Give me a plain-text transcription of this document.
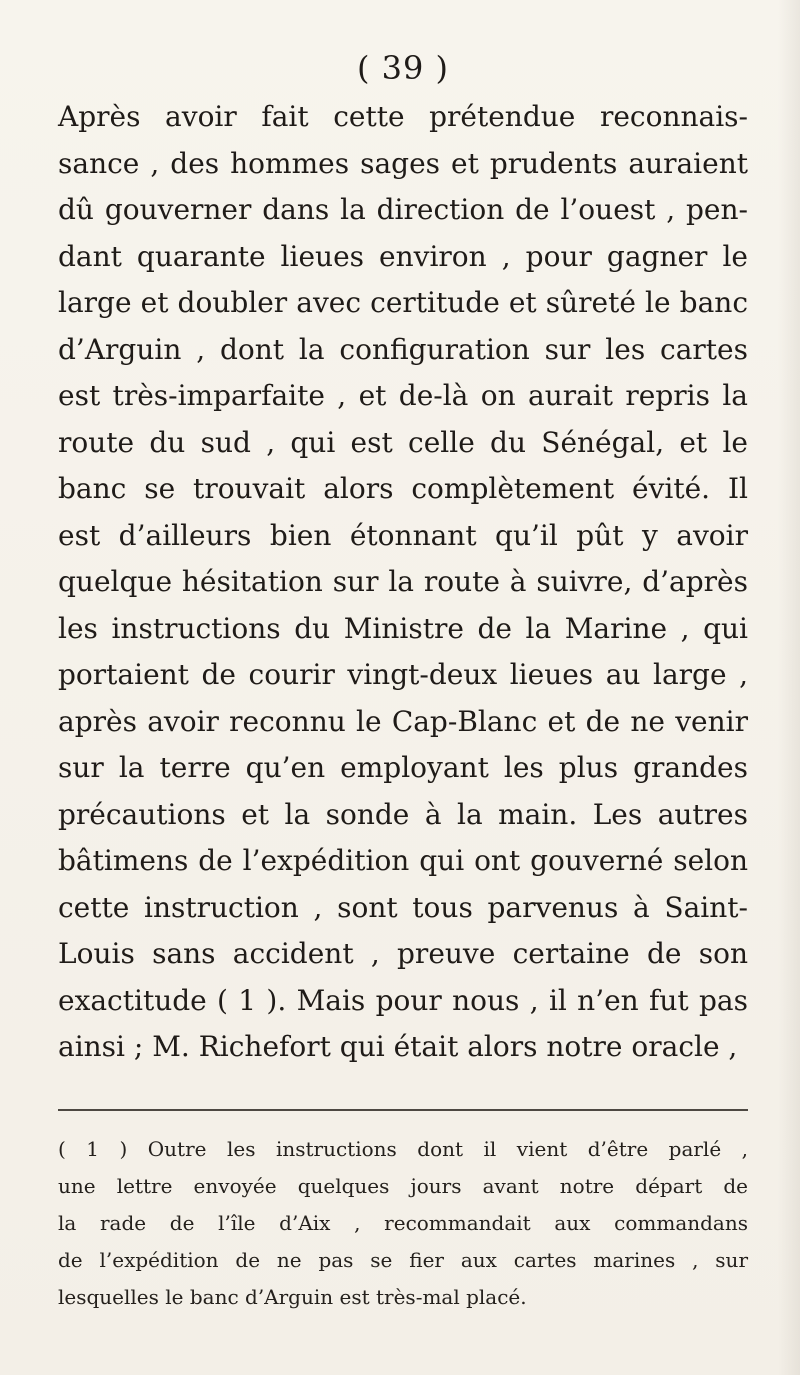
( 39 )
Après avoir fait cette prétendue reconnais-
sance , des hommes sages et prudents auraient
dû gouverner dans la direction de l’ouest , pen-
dant quarante lieues environ , pour gagner le
large et doubler avec certitude et sûreté le banc
d’Arguin , dont la configuration sur les cartes
est très-imparfaite , et de-là on aurait repris la
route du sud , qui est celle du Sénégal, et le
banc se trouvait alors complètement évité. Il
est d’ailleurs bien étonnant qu’il pût y avoir
quelque hésitation sur la route à suivre, d’après
les instructions du Ministre de la Marine , qui
portaient de courir vingt-deux lieues au large ,
après avoir reconnu le Cap-Blanc et de ne venir
sur la terre qu’en employant les plus grandes
précautions et la sonde à la main. Les autres
bâtimens de l’expédition qui ont gouverné selon
cette instruction , sont tous parvenus à Saint-
Louis sans accident , preuve certaine de son
exactitude ( 1 ). Mais pour nous , il n’en fut pas
ainsi ; M. Richefort qui était alors notre oracle ,
( 1 ) Outre les instructions dont il vient d’être parlé ,
une lettre envoyée quelques jours avant notre départ de
la rade de l’île d’Aix , recommandait aux commandans
de l’expédition de ne pas se fier aux cartes marines , sur
lesquelles le banc d’Arguin est très-mal placé.
